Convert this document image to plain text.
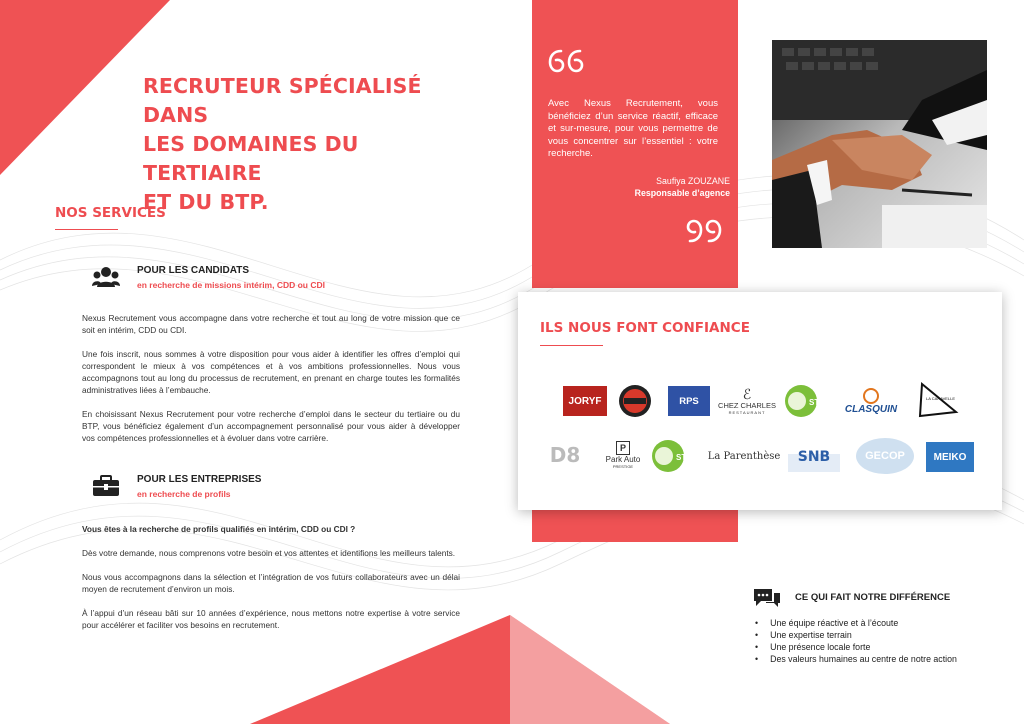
RECRUTEUR SPÉCIALISÉ DANS
LES DOMAINES DU TERTIAIRE
ET DU BTP.
NOS SERVICES
POUR LES CANDIDATS
en recherche de missions intérim, CDD ou CDI

Nexus Recrutement vous accompagne dans votre recherche et tout au long de votre mission que ce soit en intérim, CDD ou CDI.

Une fois inscrit, nous sommes à votre disposition pour vous aider à identifier les offres d’emploi qui correspondent le mieux à vos compétences et à vos ambitions professionnelles. Nous vous accompagnons tout au long du processus de recrutement, en prenant en charge toutes les formalités administratives liées à l’embauche.

En choisissant Nexus Recrutement pour votre recherche d’emploi dans le secteur du tertiaire ou du BTP, vous bénéficiez également d’un accompagnement personnalisé pour vous aider à développer vos compétences professionnelles et à évoluer dans votre carrière.

POUR LES ENTREPRISES
en recherche de profils

Vous êtes à la recherche de profils qualifiés en intérim, CDD ou CDI ?

Dès votre demande, nous comprenons votre besoin et vos attentes et identifions les meilleurs talents.

Nous vous accompagnons dans la sélection et l’intégration de vos futurs collaborateurs avec un délai moyen de recrutement d’environ un mois.

À l’appui d’un réseau bâti sur 10 années d’expérience, nous mettons notre expertise à votre service pour accélérer et faciliter vos besoins en recrutement.

Avec Nexus Recrutement, vous bénéficiez d’un service réactif, efficace et sur-mesure, pour vous permettre de vous concentrer sur l’essentiel : votre recherche.
Saufiya ZOUZANE
Responsable d’agence
ILS NOUS FONT CONFIANCE
JORYF	RPS	ℰ
CHEZ CHARLES
RESTAURANT
STG
CLASQUIN
LA CARAVELLE
D8	P
Park Auto
PRESTIGE
STG La Parenthèse SNB	GECOP	MEIKO
CE QUI FAIT NOTRE DIFFÉRENCE
• Une équipe réactive et à l’écoute
• Une expertise terrain
• Une présence locale forte
• Des valeurs humaines au centre de notre action
